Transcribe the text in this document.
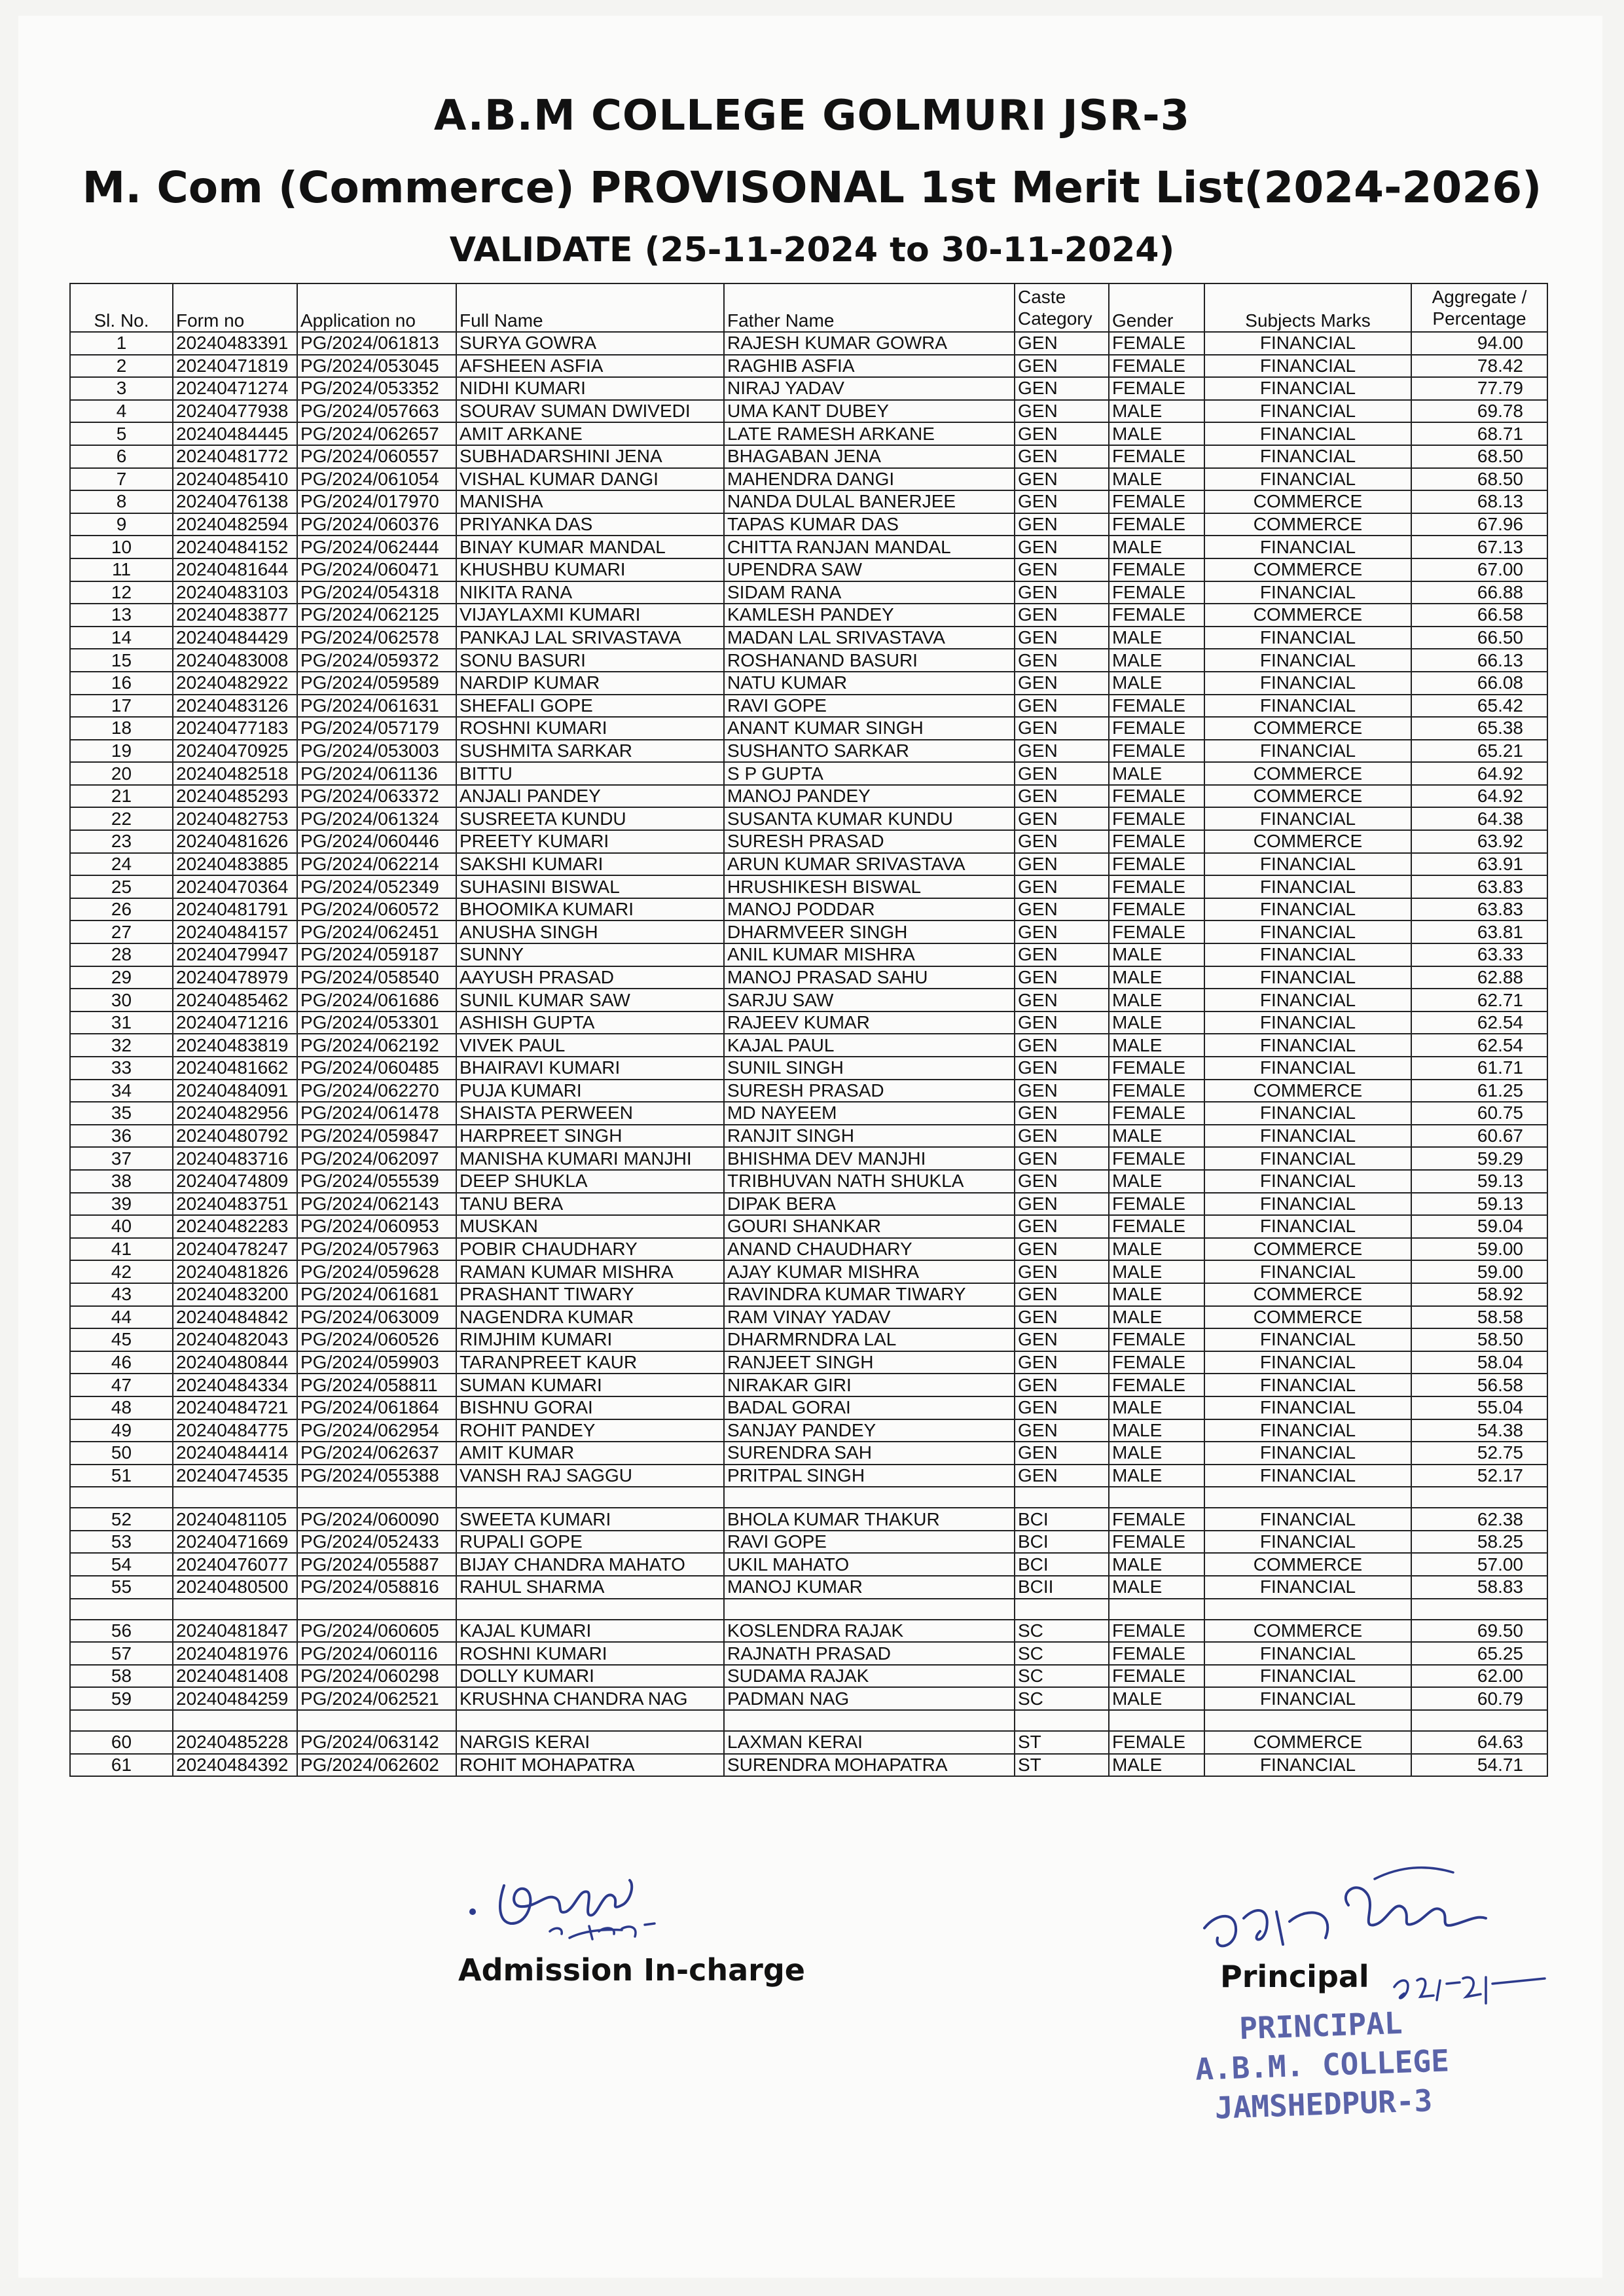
A.B.M COLLEGE GOLMURI JSR-3
M. Com (Commerce) PROVISONAL 1st Merit List(2024-2026)
VALIDATE (25-11-2024 to 30-11-2024)
Sl. No.	Form no	Application no	Full Name	Father Name	Caste Category	Gender	Subjects Marks	Aggregate / Percentage
1	20240483391	PG/2024/061813	SURYA GOWRA	RAJESH KUMAR GOWRA	GEN	FEMALE	FINANCIAL	94.00
2	20240471819	PG/2024/053045	AFSHEEN ASFIA	RAGHIB ASFIA	GEN	FEMALE	FINANCIAL	78.42
3	20240471274	PG/2024/053352	NIDHI KUMARI	NIRAJ YADAV	GEN	FEMALE	FINANCIAL	77.79
4	20240477938	PG/2024/057663	SOURAV SUMAN DWIVEDI	UMA KANT DUBEY	GEN	MALE	FINANCIAL	69.78
5	20240484445	PG/2024/062657	AMIT ARKANE	LATE RAMESH ARKANE	GEN	MALE	FINANCIAL	68.71
6	20240481772	PG/2024/060557	SUBHADARSHINI JENA	BHAGABAN JENA	GEN	FEMALE	FINANCIAL	68.50
7	20240485410	PG/2024/061054	VISHAL KUMAR DANGI	MAHENDRA DANGI	GEN	MALE	FINANCIAL	68.50
8	20240476138	PG/2024/017970	MANISHA	NANDA DULAL BANERJEE	GEN	FEMALE	COMMERCE	68.13
9	20240482594	PG/2024/060376	PRIYANKA DAS	TAPAS KUMAR DAS	GEN	FEMALE	COMMERCE	67.96
10	20240484152	PG/2024/062444	BINAY KUMAR MANDAL	CHITTA RANJAN MANDAL	GEN	MALE	FINANCIAL	67.13
11	20240481644	PG/2024/060471	KHUSHBU KUMARI	UPENDRA SAW	GEN	FEMALE	COMMERCE	67.00
12	20240483103	PG/2024/054318	NIKITA RANA	SIDAM RANA	GEN	FEMALE	FINANCIAL	66.88
13	20240483877	PG/2024/062125	VIJAYLAXMI KUMARI	KAMLESH PANDEY	GEN	FEMALE	COMMERCE	66.58
14	20240484429	PG/2024/062578	PANKAJ LAL SRIVASTAVA	MADAN LAL SRIVASTAVA	GEN	MALE	FINANCIAL	66.50
15	20240483008	PG/2024/059372	SONU BASURI	ROSHANAND BASURI	GEN	MALE	FINANCIAL	66.13
16	20240482922	PG/2024/059589	NARDIP KUMAR	NATU KUMAR	GEN	MALE	FINANCIAL	66.08
17	20240483126	PG/2024/061631	SHEFALI GOPE	RAVI GOPE	GEN	FEMALE	FINANCIAL	65.42
18	20240477183	PG/2024/057179	ROSHNI KUMARI	ANANT KUMAR SINGH	GEN	FEMALE	COMMERCE	65.38
19	20240470925	PG/2024/053003	SUSHMITA SARKAR	SUSHANTO SARKAR	GEN	FEMALE	FINANCIAL	65.21
20	20240482518	PG/2024/061136	BITTU	S P GUPTA	GEN	MALE	COMMERCE	64.92
21	20240485293	PG/2024/063372	ANJALI PANDEY	MANOJ PANDEY	GEN	FEMALE	COMMERCE	64.92
22	20240482753	PG/2024/061324	SUSREETA KUNDU	SUSANTA KUMAR KUNDU	GEN	FEMALE	FINANCIAL	64.38
23	20240481626	PG/2024/060446	PREETY KUMARI	SURESH PRASAD	GEN	FEMALE	COMMERCE	63.92
24	20240483885	PG/2024/062214	SAKSHI KUMARI	ARUN KUMAR SRIVASTAVA	GEN	FEMALE	FINANCIAL	63.91
25	20240470364	PG/2024/052349	SUHASINI BISWAL	HRUSHIKESH BISWAL	GEN	FEMALE	FINANCIAL	63.83
26	20240481791	PG/2024/060572	BHOOMIKA KUMARI	MANOJ PODDAR	GEN	FEMALE	FINANCIAL	63.83
27	20240484157	PG/2024/062451	ANUSHA SINGH	DHARMVEER SINGH	GEN	FEMALE	FINANCIAL	63.81
28	20240479947	PG/2024/059187	SUNNY	ANIL KUMAR MISHRA	GEN	MALE	FINANCIAL	63.33
29	20240478979	PG/2024/058540	AAYUSH PRASAD	MANOJ PRASAD SAHU	GEN	MALE	FINANCIAL	62.88
30	20240485462	PG/2024/061686	SUNIL KUMAR SAW	SARJU SAW	GEN	MALE	FINANCIAL	62.71
31	20240471216	PG/2024/053301	ASHISH GUPTA	RAJEEV KUMAR	GEN	MALE	FINANCIAL	62.54
32	20240483819	PG/2024/062192	VIVEK PAUL	KAJAL PAUL	GEN	MALE	FINANCIAL	62.54
33	20240481662	PG/2024/060485	BHAIRAVI KUMARI	SUNIL SINGH	GEN	FEMALE	FINANCIAL	61.71
34	20240484091	PG/2024/062270	PUJA KUMARI	SURESH PRASAD	GEN	FEMALE	COMMERCE	61.25
35	20240482956	PG/2024/061478	SHAISTA PERWEEN	MD NAYEEM	GEN	FEMALE	FINANCIAL	60.75
36	20240480792	PG/2024/059847	HARPREET SINGH	RANJIT SINGH	GEN	MALE	FINANCIAL	60.67
37	20240483716	PG/2024/062097	MANISHA KUMARI MANJHI	BHISHMA DEV MANJHI	GEN	FEMALE	FINANCIAL	59.29
38	20240474809	PG/2024/055539	DEEP SHUKLA	TRIBHUVAN NATH SHUKLA	GEN	MALE	FINANCIAL	59.13
39	20240483751	PG/2024/062143	TANU BERA	DIPAK BERA	GEN	FEMALE	FINANCIAL	59.13
40	20240482283	PG/2024/060953	MUSKAN	GOURI SHANKAR	GEN	FEMALE	FINANCIAL	59.04
41	20240478247	PG/2024/057963	POBIR CHAUDHARY	ANAND CHAUDHARY	GEN	MALE	COMMERCE	59.00
42	20240481826	PG/2024/059628	RAMAN KUMAR MISHRA	AJAY KUMAR MISHRA	GEN	MALE	FINANCIAL	59.00
43	20240483200	PG/2024/061681	PRASHANT TIWARY	RAVINDRA KUMAR TIWARY	GEN	MALE	COMMERCE	58.92
44	20240484842	PG/2024/063009	NAGENDRA KUMAR	RAM VINAY YADAV	GEN	MALE	COMMERCE	58.58
45	20240482043	PG/2024/060526	RIMJHIM KUMARI	DHARMRNDRA LAL	GEN	FEMALE	FINANCIAL	58.50
46	20240480844	PG/2024/059903	TARANPREET KAUR	RANJEET SINGH	GEN	FEMALE	FINANCIAL	58.04
47	20240484334	PG/2024/058811	SUMAN KUMARI	NIRAKAR GIRI	GEN	FEMALE	FINANCIAL	56.58
48	20240484721	PG/2024/061864	BISHNU GORAI	BADAL GORAI	GEN	MALE	FINANCIAL	55.04
49	20240484775	PG/2024/062954	ROHIT PANDEY	SANJAY PANDEY	GEN	MALE	FINANCIAL	54.38
50	20240484414	PG/2024/062637	AMIT KUMAR	SURENDRA SAH	GEN	MALE	FINANCIAL	52.75
51	20240474535	PG/2024/055388	VANSH RAJ SAGGU	PRITPAL SINGH	GEN	MALE	FINANCIAL	52.17

52	20240481105	PG/2024/060090	SWEETA KUMARI	BHOLA KUMAR THAKUR	BCI	FEMALE	FINANCIAL	62.38
53	20240471669	PG/2024/052433	RUPALI GOPE	RAVI GOPE	BCI	FEMALE	FINANCIAL	58.25
54	20240476077	PG/2024/055887	BIJAY CHANDRA MAHATO	UKIL MAHATO	BCI	MALE	COMMERCE	57.00
55	20240480500	PG/2024/058816	RAHUL SHARMA	MANOJ KUMAR	BCII	MALE	FINANCIAL	58.83

56	20240481847	PG/2024/060605	KAJAL KUMARI	KOSLENDRA RAJAK	SC	FEMALE	COMMERCE	69.50
57	20240481976	PG/2024/060116	ROSHNI KUMARI	RAJNATH PRASAD	SC	FEMALE	FINANCIAL	65.25
58	20240481408	PG/2024/060298	DOLLY KUMARI	SUDAMA RAJAK	SC	FEMALE	FINANCIAL	62.00
59	20240484259	PG/2024/062521	KRUSHNA CHANDRA NAG	PADMAN NAG	SC	MALE	FINANCIAL	60.79

60	20240485228	PG/2024/063142	NARGIS KERAI	LAXMAN KERAI	ST	FEMALE	COMMERCE	64.63
61	20240484392	PG/2024/062602	ROHIT MOHAPATRA	SURENDRA MOHAPATRA	ST	MALE	FINANCIAL	54.71
Admission In-charge	Principal
PRINCIPAL
A.B.M. COLLEGE
JAMSHEDPUR-3
